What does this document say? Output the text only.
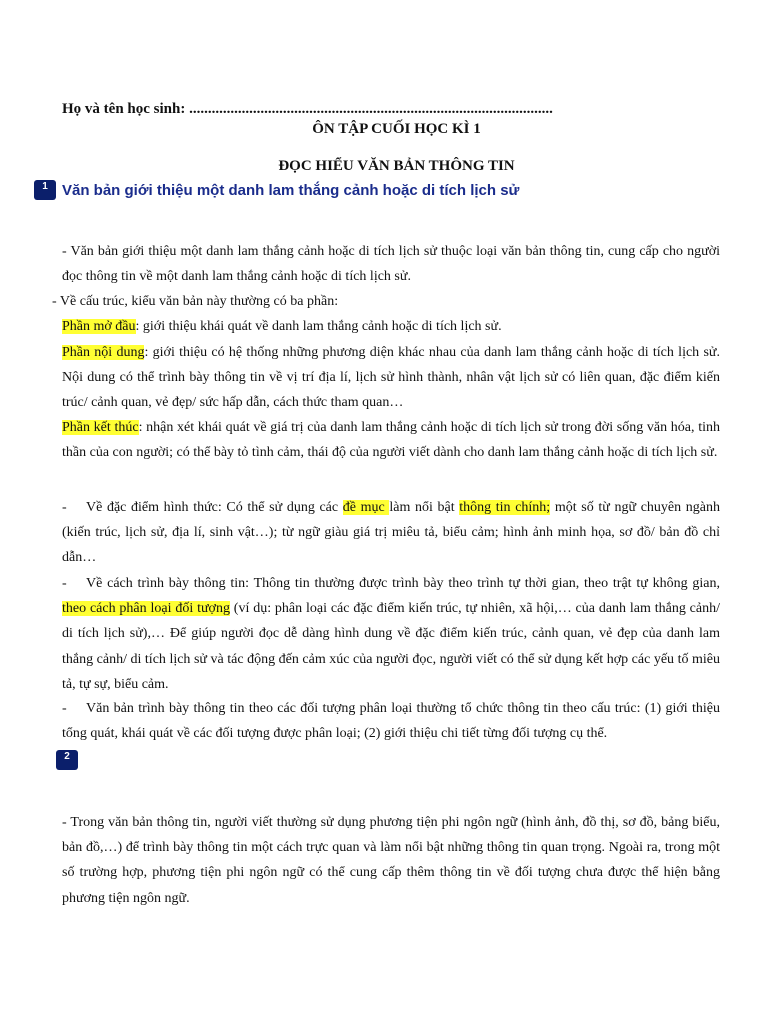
Họ và tên học sinh: .................................................................................................
ÔN TẬP CUỐI HỌC KÌ 1
ĐỌC HIỂU VĂN BẢN THÔNG TIN
1 Văn bản giới thiệu một danh lam thắng cảnh hoặc di tích lịch sử
- Văn bản giới thiệu một danh lam thắng cảnh hoặc di tích lịch sử thuộc loại văn bản thông tin, cung cấp cho người đọc thông tin về một danh lam thắng cảnh hoặc di tích lịch sử.
- Về cấu trúc, kiểu văn bản này thường có ba phần:
Phần mở đầu: giới thiệu khái quát về danh lam thắng cảnh hoặc di tích lịch sử.
Phần nội dung: giới thiệu có hệ thống những phương diện khác nhau của danh lam thắng cảnh hoặc di tích lịch sử. Nội dung có thể trình bày thông tin về vị trí địa lí, lịch sử hình thành, nhân vật lịch sử có liên quan, đặc điểm kiến trúc/ cảnh quan, vẻ đẹp/ sức hấp dẫn, cách thức tham quan…
Phần kết thúc: nhận xét khái quát về giá trị của danh lam thắng cảnh hoặc di tích lịch sử trong đời sống văn hóa, tinh thần của con người; có thể bày tỏ tình cảm, thái độ của người viết dành cho danh lam thắng cảnh hoặc di tích lịch sử.
- Về đặc điểm hình thức: Có thể sử dụng các đề mục làm nổi bật thông tin chính; một số từ ngữ chuyên ngành (kiến trúc, lịch sử, địa lí, sinh vật…); từ ngữ giàu giá trị miêu tả, biểu cảm; hình ảnh minh họa, sơ đồ/ bản đồ chỉ dẫn…
- Về cách trình bày thông tin: Thông tin thường được trình bày theo trình tự thời gian, theo trật tự không gian, theo cách phân loại đối tượng (ví dụ: phân loại các đặc điểm kiến trúc, tự nhiên, xã hội,… của danh lam thắng cảnh/ di tích lịch sử),… Để giúp người đọc dễ dàng hình dung về đặc điểm kiến trúc, cảnh quan, vẻ đẹp của danh lam thắng cảnh/ di tích lịch sử và tác động đến cảm xúc của người đọc, người viết có thể sử dụng kết hợp các yếu tố miêu tả, tự sự, biểu cảm.
- Văn bản trình bày thông tin theo các đối tượng phân loại thường tổ chức thông tin theo cấu trúc: (1) giới thiệu tổng quát, khái quát về các đối tượng được phân loại; (2) giới thiệu chi tiết từng đối tượng cụ thể.
2
- Trong văn bản thông tin, người viết thường sử dụng phương tiện phi ngôn ngữ (hình ảnh, đồ thị, sơ đồ, bảng biểu, bản đồ,…) để trình bày thông tin một cách trực quan và làm nổi bật những thông tin quan trọng. Ngoài ra, trong một số trường hợp, phương tiện phi ngôn ngữ có thể cung cấp thêm thông tin về đối tượng chưa được thể hiện bằng phương tiện ngôn ngữ.
